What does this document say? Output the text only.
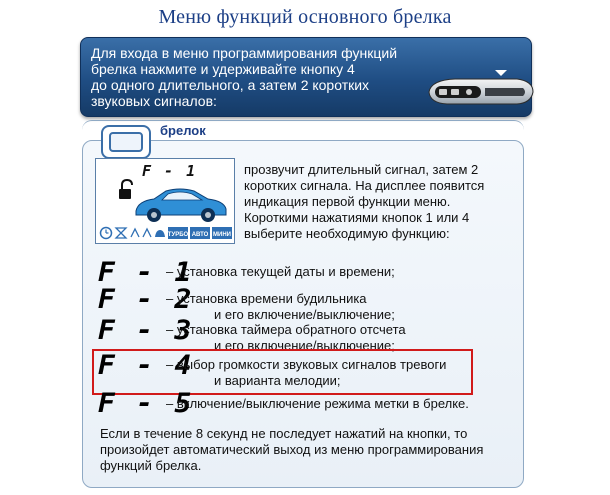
Меню функций основного брелка
Для входа в меню программирования функций
брелка нажмите и удерживайте кнопку 4
до одного длительного, а затем 2 коротких
звуковых сигналов:
брелок
F - 1
ТУРБО АВТО МИНИ
прозвучит длительный сигнал, затем 2
коротких сигнала. На дисплее появится
индикация первой функции меню.
Короткими нажатиями кнопок 1 или 4
выберите необходимую функцию:
F - 1
– установка текущей даты и времени;
F - 2
– установка времени будильника
и его включение/выключение;
F - 3
– установка таймера обратного отсчета
и его включение/выключение;
F - 4
– выбор громкости звуковых сигналов тревоги
и варианта мелодии;
F - 5
– включение/выключение режима метки в брелке.
Если в течение 8 секунд не последует нажатий на кнопки, то
произойдет автоматический выход из меню программирования
функций брелка.
